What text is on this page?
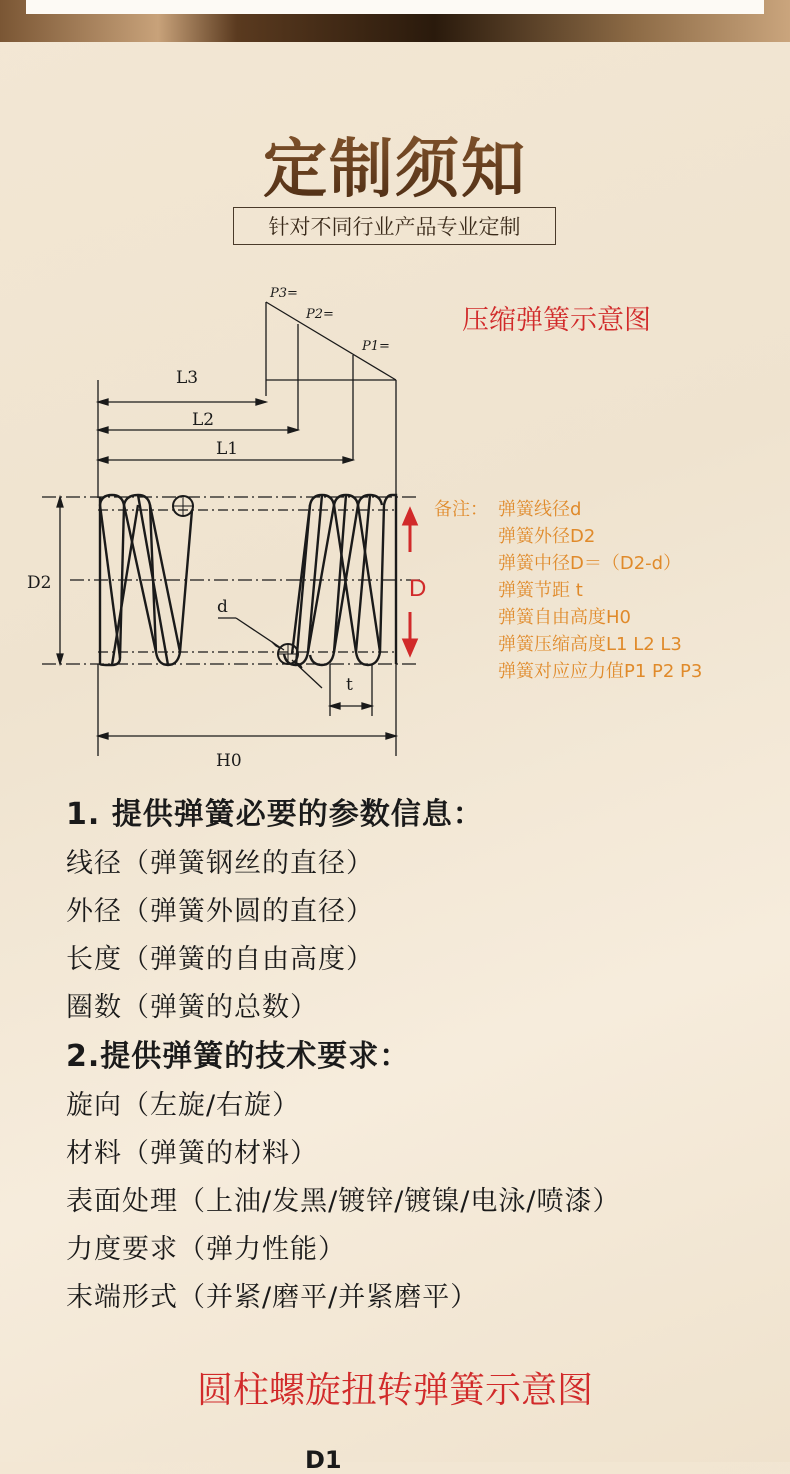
定制须知
针对不同行业产品专业定制
P3=
P2=
P1=
L3
L2
L1
D2
d
t
H0
D
压缩弹簧示意图
备注： 弹簧线径d
弹簧外径D2
弹簧中径D＝（D2-d）
弹簧节距 t
弹簧自由高度H0
弹簧压缩高度L1 L2 L3
弹簧对应应力值P1 P2 P3
1. 提供弹簧必要的参数信息：
线径（弹簧钢丝的直径）
外径（弹簧外圆的直径）
长度（弹簧的自由高度）
圈数（弹簧的总数）
2.提供弹簧的技术要求：
旋向（左旋/右旋）
材料（弹簧的材料）
表面处理（上油/发黑/镀锌/镀镍/电泳/喷漆）
力度要求（弹力性能）
末端形式（并紧/磨平/并紧磨平）
圆柱螺旋扭转弹簧示意图
D1
